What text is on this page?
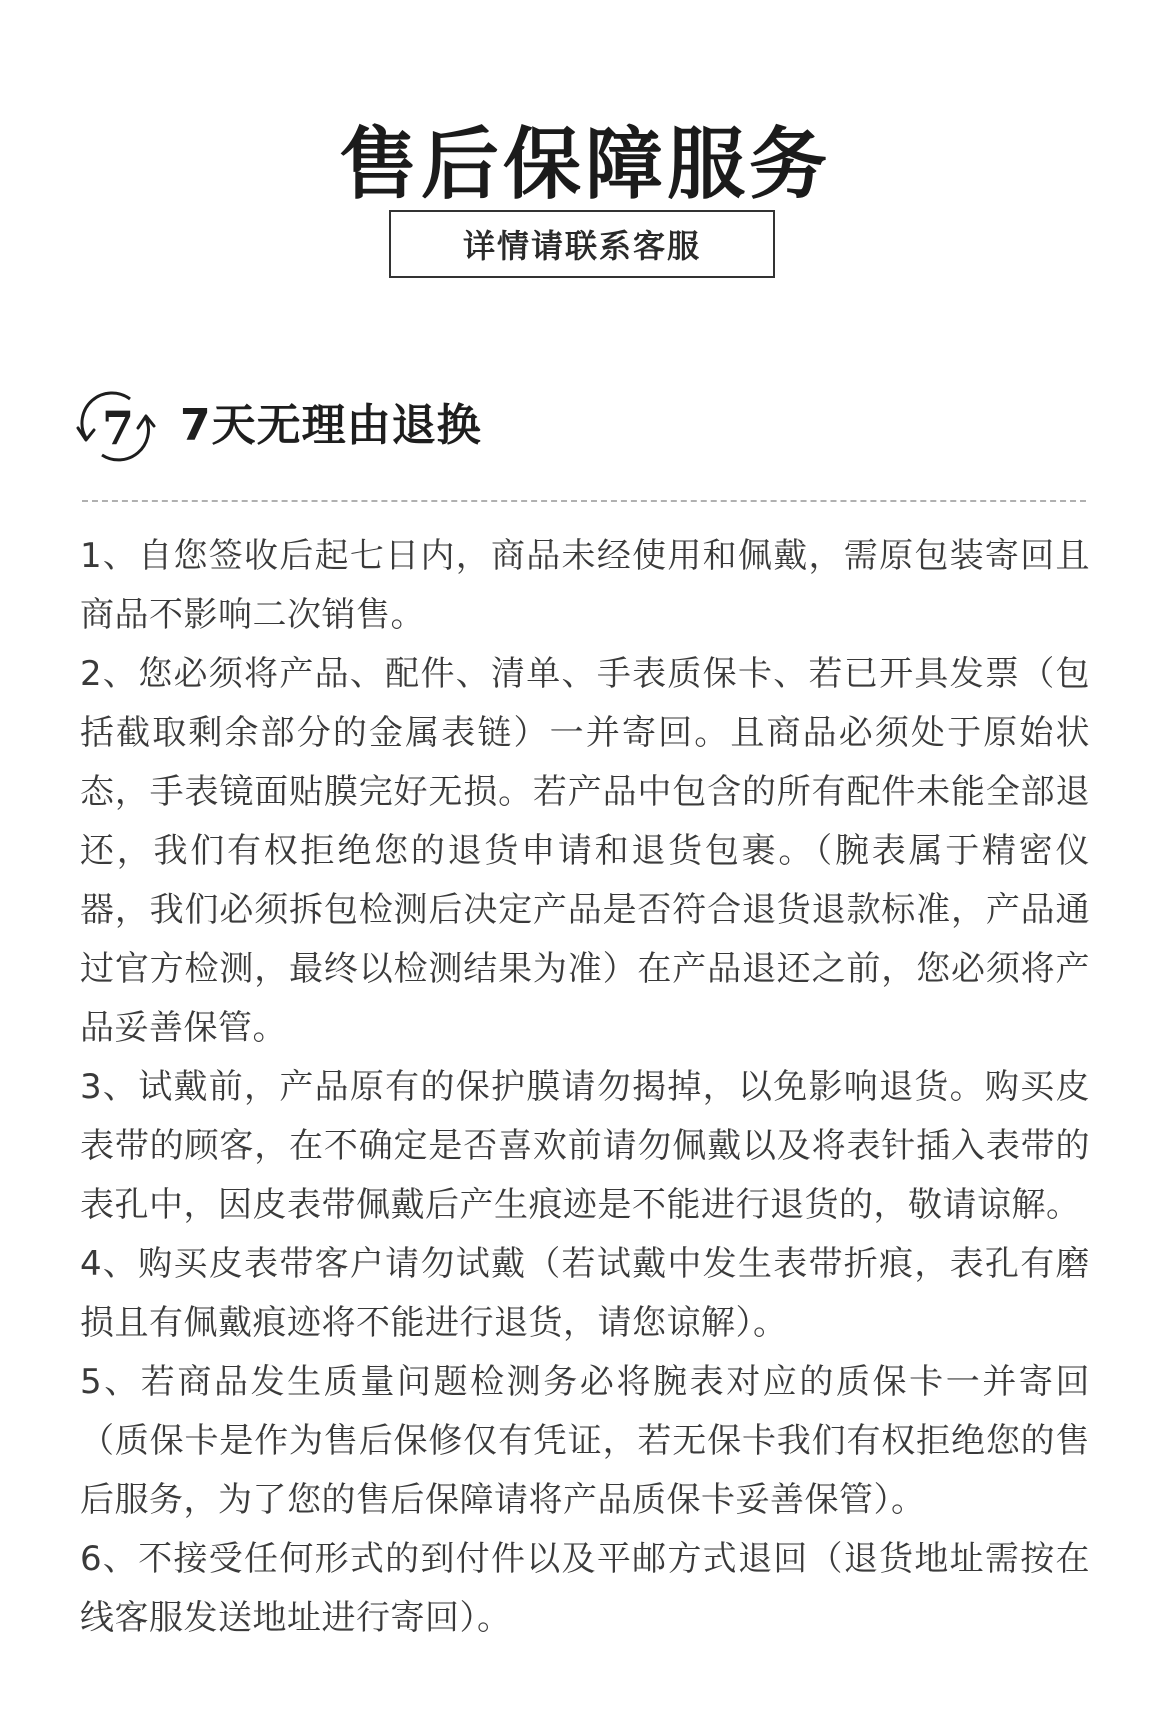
售后保障服务
详情请联系客服
7 7天无理由退换
1、自您签收后起七日内，商品未经使用和佩戴，需原包装寄回且商品不影响二次销售。
2、您必须将产品、配件、清单、手表质保卡、若已开具发票（包括截取剩余部分的金属表链）一并寄回。且商品必须处于原始状态，手表镜面贴膜完好无损。若产品中包含的所有配件未能全部退还，我们有权拒绝您的退货申请和退货包裹。（腕表属于精密仪器，我们必须拆包检测后决定产品是否符合退货退款标准，产品通过官方检测，最终以检测结果为准）在产品退还之前，您必须将产品妥善保管。
3、试戴前，产品原有的保护膜请勿揭掉，以免影响退货。购买皮表带的顾客，在不确定是否喜欢前请勿佩戴以及将表针插入表带的表孔中，因皮表带佩戴后产生痕迹是不能进行退货的，敬请谅解。
4、购买皮表带客户请勿试戴（若试戴中发生表带折痕，表孔有磨损且有佩戴痕迹将不能进行退货，请您谅解）。
5、若商品发生质量问题检测务必将腕表对应的质保卡一并寄回（质保卡是作为售后保修仅有凭证，若无保卡我们有权拒绝您的售后服务，为了您的售后保障请将产品质保卡妥善保管）。
6、不接受任何形式的到付件以及平邮方式退回（退货地址需按在线客服发送地址进行寄回）。
